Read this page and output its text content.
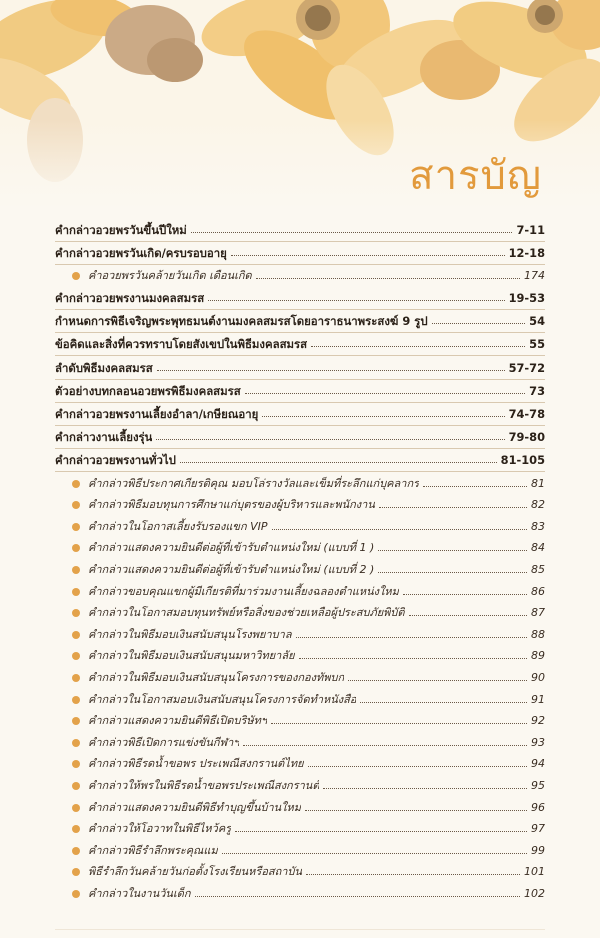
สารบัญ
คำกล่าวอวยพรวันขึ้นปีใหม่	7-11
คำกล่าวอวยพรวันเกิด/ครบรอบอายุ	12-18
คำอวยพรวันคล้ายวันเกิด เดือนเกิด	174
คำกล่าวอวยพรงานมงคลสมรส	19-53
กำหนดการพิธีเจริญพระพุทธมนต์งานมงคลสมรสโดยอาราธนาพระสงฆ์ 9 รูป	54
ข้อคิดและสิ่งที่ควรทราบโดยสังเขปในพิธีมงคลสมรส	55
ลำดับพิธีมงคลสมรส	57-72
ตัวอย่างบทกลอนอวยพรพิธีมงคลสมรส	73
คำกล่าวอวยพรงานเลี้ยงอำลา/เกษียณอายุ	74-78
คำกล่าวงานเลี้ยงรุ่น	79-80
คำกล่าวอวยพรงานทั่วไป	81-105
คำกล่าวพิธีประกาศเกียรติคุณ มอบโล่รางวัลและเข็มที่ระลึกแก่บุคลากร	81
คำกล่าวพิธีมอบทุนการศึกษาแก่บุตรของผู้บริหารและพนักงาน	82
คำกล่าวในโอกาสเลี้ยงรับรองแขก VIP	83
คำกล่าวแสดงความยินดีต่อผู้ที่เข้ารับตำแหน่งใหม่ (แบบที่ 1 )	84
คำกล่าวแสดงความยินดีต่อผู้ที่เข้ารับตำแหน่งใหม่ (แบบที่ 2 )	85
คำกล่าวขอบคุณแขกผู้มีเกียรติที่มาร่วมงานเลี้ยงฉลองตำแหน่งใหม่	86
คำกล่าวในโอกาสมอบทุนทรัพย์หรือสิ่งของช่วยเหลือผู้ประสบภัยพิบัติ	87
คำกล่าวในพิธีมอบเงินสนับสนุนโรงพยาบาล	88
คำกล่าวในพิธีมอบเงินสนับสนุนมหาวิทยาลัย	89
คำกล่าวในพิธีมอบเงินสนับสนุนโครงการของกองทัพบก	90
คำกล่าวในโอกาสมอบเงินสนับสนุนโครงการจัดทำหนังสือ	91
คำกล่าวแสดงความยินดีพิธีเปิดบริษัทฯ	92
คำกล่าวพิธีเปิดการแข่งขันกีฬาฯ	93
คำกล่าวพิธีรดน้ำขอพร ประเพณีสงกรานต์ไทย	94
คำกล่าวให้พรในพิธีรดน้ำขอพรประเพณีสงกรานต์	95
คำกล่าวแสดงความยินดีพิธีทำบุญขึ้นบ้านใหม่	96
คำกล่าวให้โอวาทในพิธีไหว้ครู	97
คำกล่าวพิธีรำลึกพระคุณแม่	99
พิธีรำลึกวันคล้ายวันก่อตั้งโรงเรียนหรือสถาบัน	101
คำกล่าวในงานวันเด็ก	102
